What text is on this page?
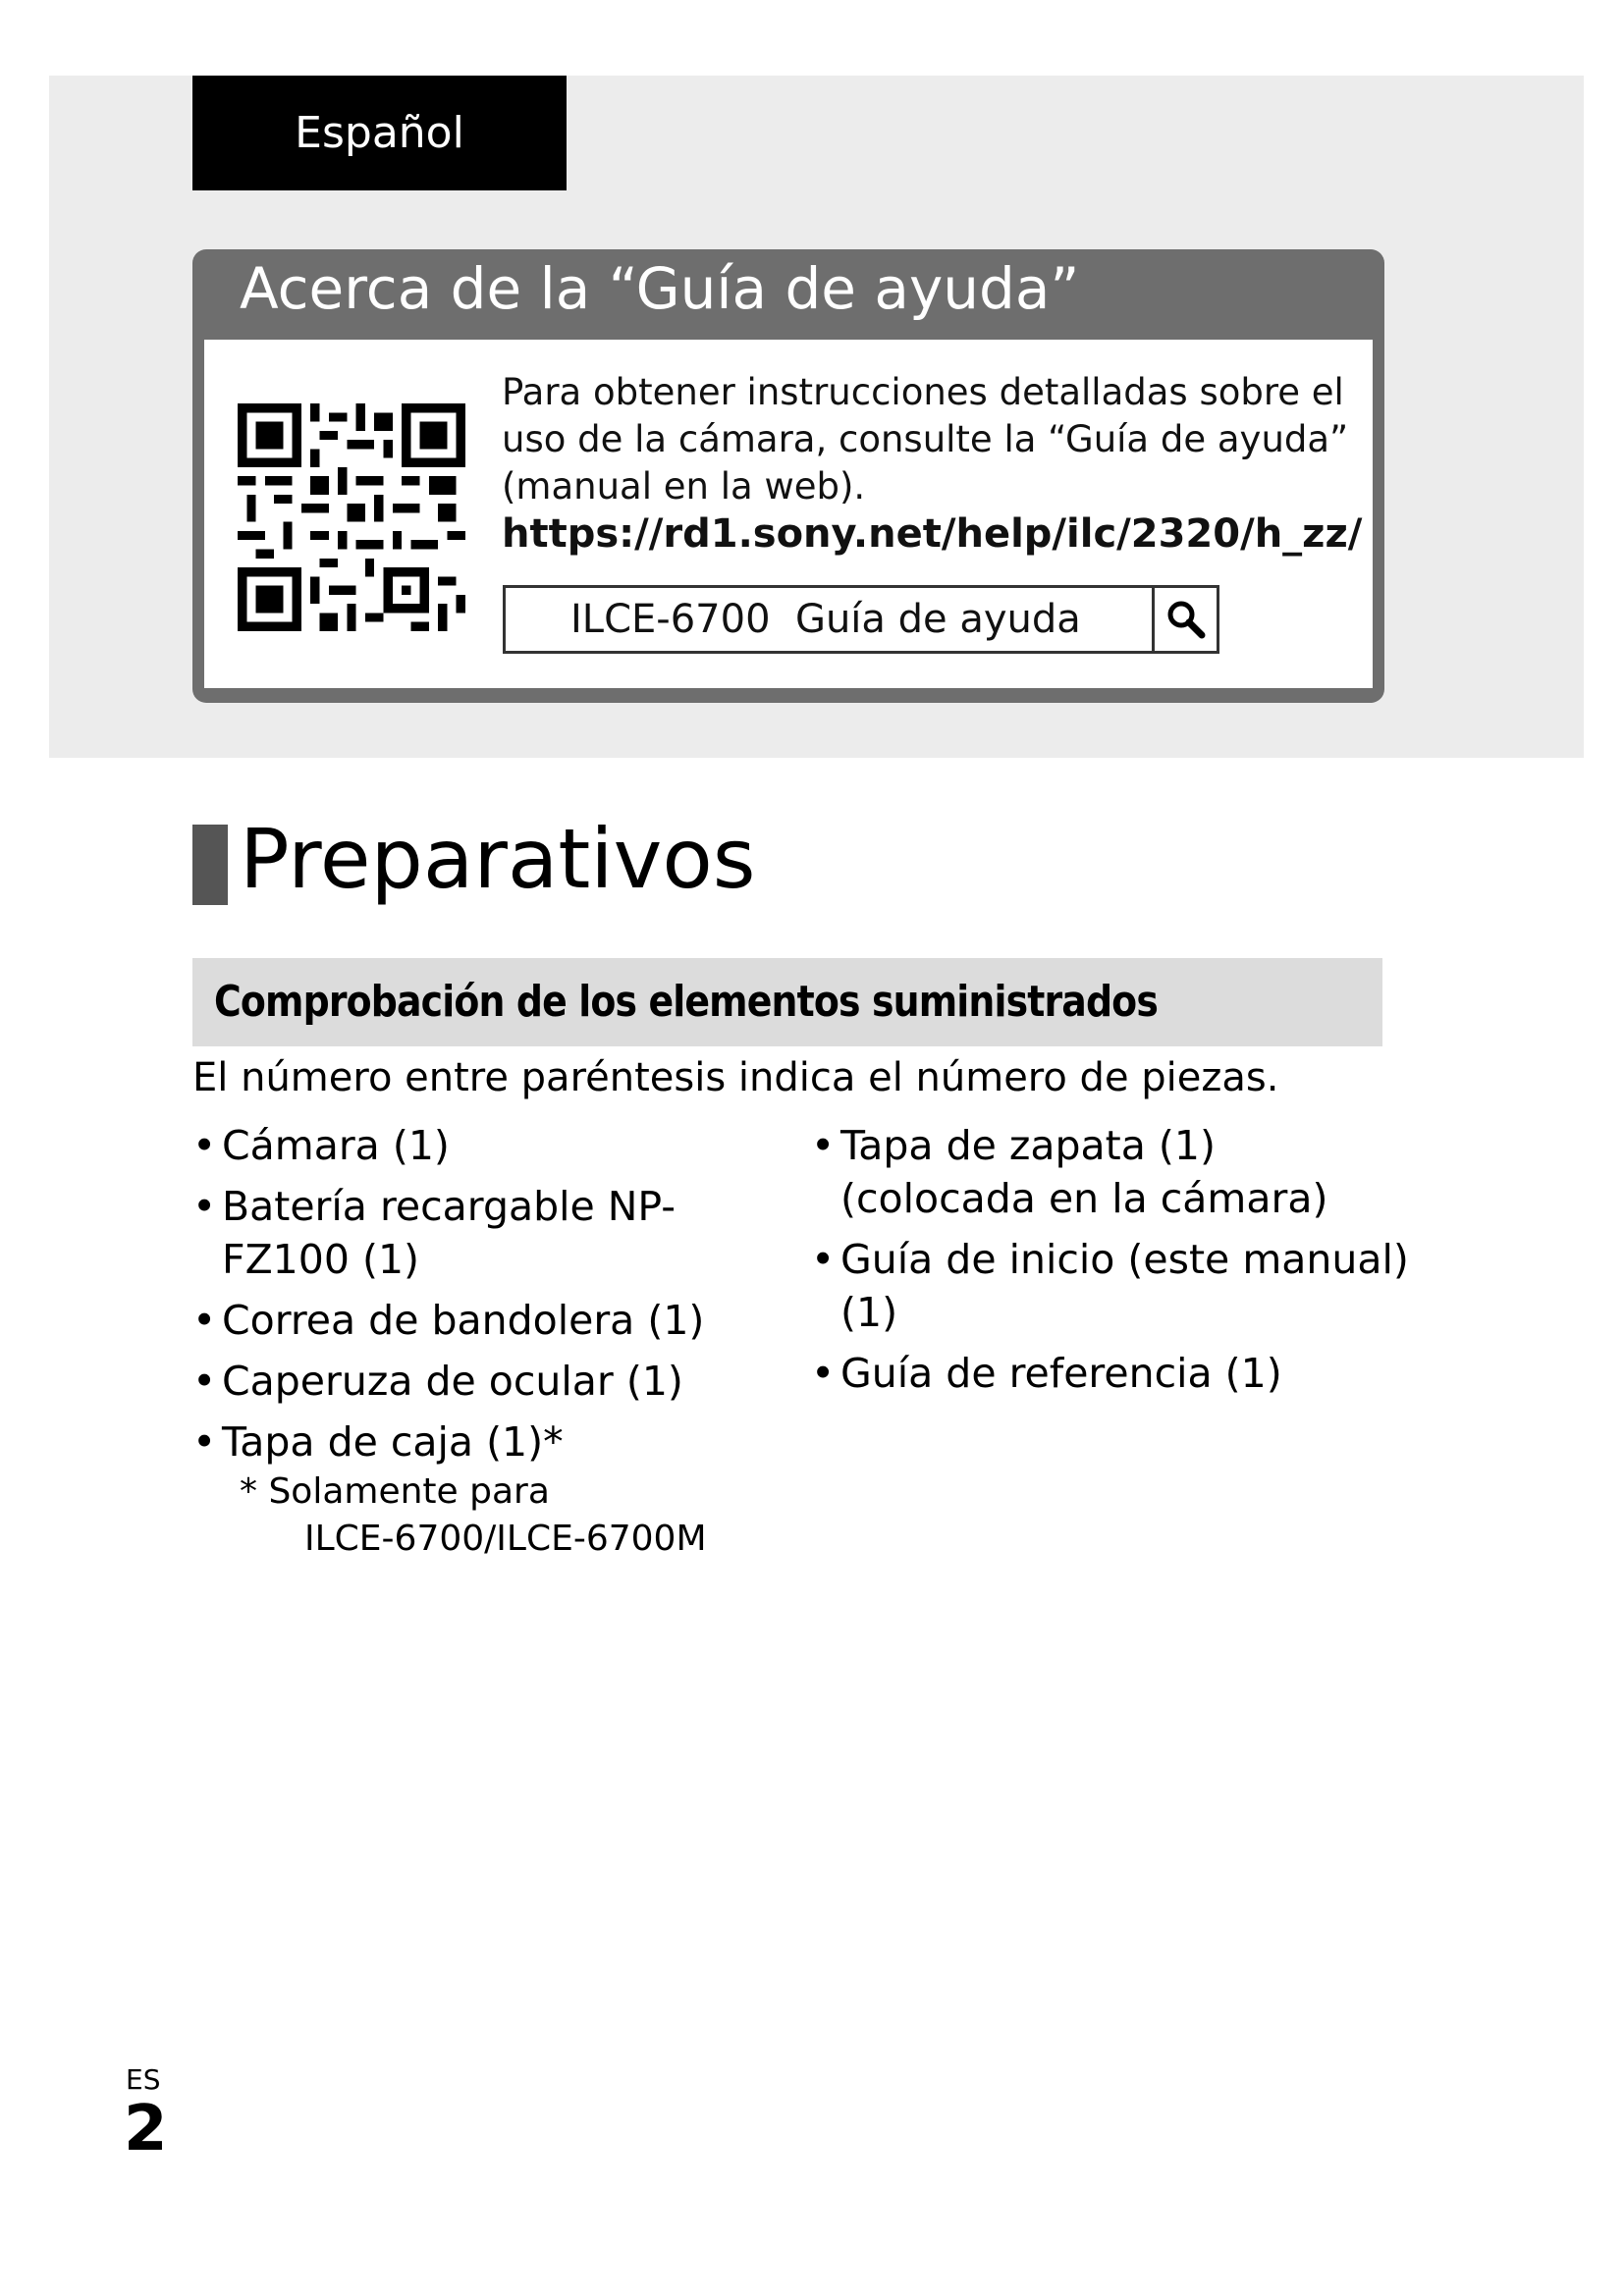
Español
Acerca de la “Guía de ayuda”
Para obtener instrucciones detalladas sobre el uso de la cámara, consulte la “Guía de ayuda” (manual en la web).
https://rd1.sony.net/help/ilc/2320/h_zz/
ILCE-6700  Guía de ayuda
Preparativos
Comprobación de los elementos suministrados
El número entre paréntesis indica el número de piezas.
• Cámara (1)
• Batería recargable NP-FZ100 (1)
• Correa de bandolera (1)
• Caperuza de ocular (1)
• Tapa de caja (1)*
* Solamente para
ILCE-6700/ILCE-6700M
• Tapa de zapata (1) (colocada en la cámara)
• Guía de inicio (este manual) (1)
• Guía de referencia (1)
ES
2
